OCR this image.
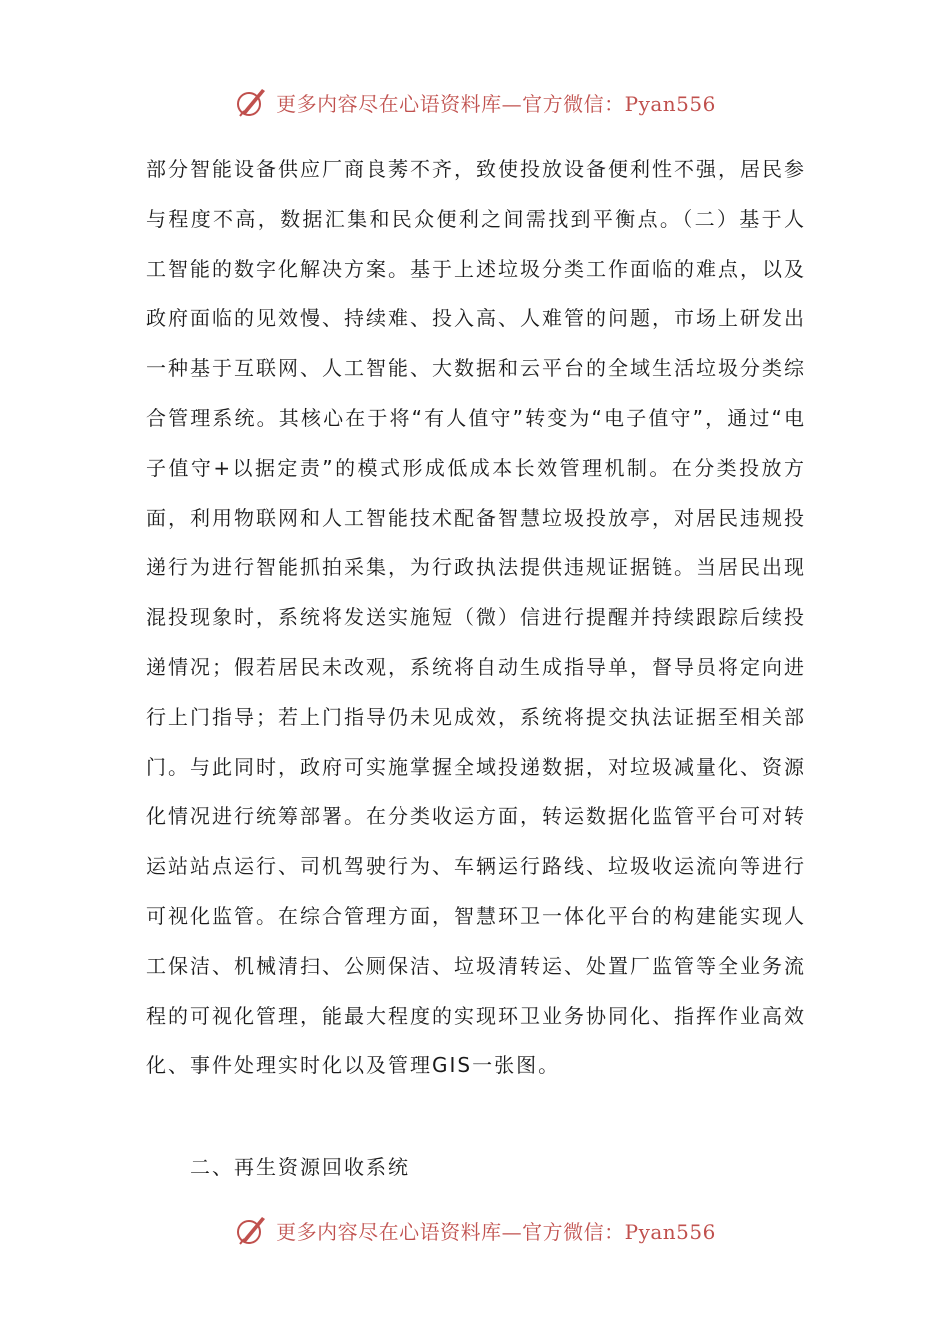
更多内容尽在心语资料库—官方微信：Pyan556

部分智能设备供应厂商良莠不齐，致使投放设备便利性不强，居民参与程度不高，数据汇集和民众便利之间需找到平衡点。（二）基于人工智能的数字化解决方案。基于上述垃圾分类工作面临的难点，以及政府面临的见效慢、持续难、投入高、人难管的问题，市场上研发出一种基于互联网、人工智能、大数据和云平台的全域生活垃圾分类综合管理系统。其核心在于将“有人值守”转变为“电子值守”，通过“电子值守+以据定责”的模式形成低成本长效管理机制。在分类投放方面，利用物联网和人工智能技术配备智慧垃圾投放亭，对居民违规投递行为进行智能抓拍采集，为行政执法提供违规证据链。当居民出现混投现象时，系统将发送实施短（微）信进行提醒并持续跟踪后续投递情况；假若居民未改观，系统将自动生成指导单，督导员将定向进行上门指导；若上门指导仍未见成效，系统将提交执法证据至相关部门。与此同时，政府可实施掌握全域投递数据，对垃圾减量化、资源化情况进行统筹部署。在分类收运方面，转运数据化监管平台可对转运站站点运行、司机驾驶行为、车辆运行路线、垃圾收运流向等进行可视化监管。在综合管理方面，智慧环卫一体化平台的构建能实现人工保洁、机械清扫、公厕保洁、垃圾清转运、处置厂监管等全业务流程的可视化管理，能最大程度的实现环卫业务协同化、指挥作业高效化、事件处理实时化以及管理GIS一张图。

二、再生资源回收系统

更多内容尽在心语资料库—官方微信：Pyan556
